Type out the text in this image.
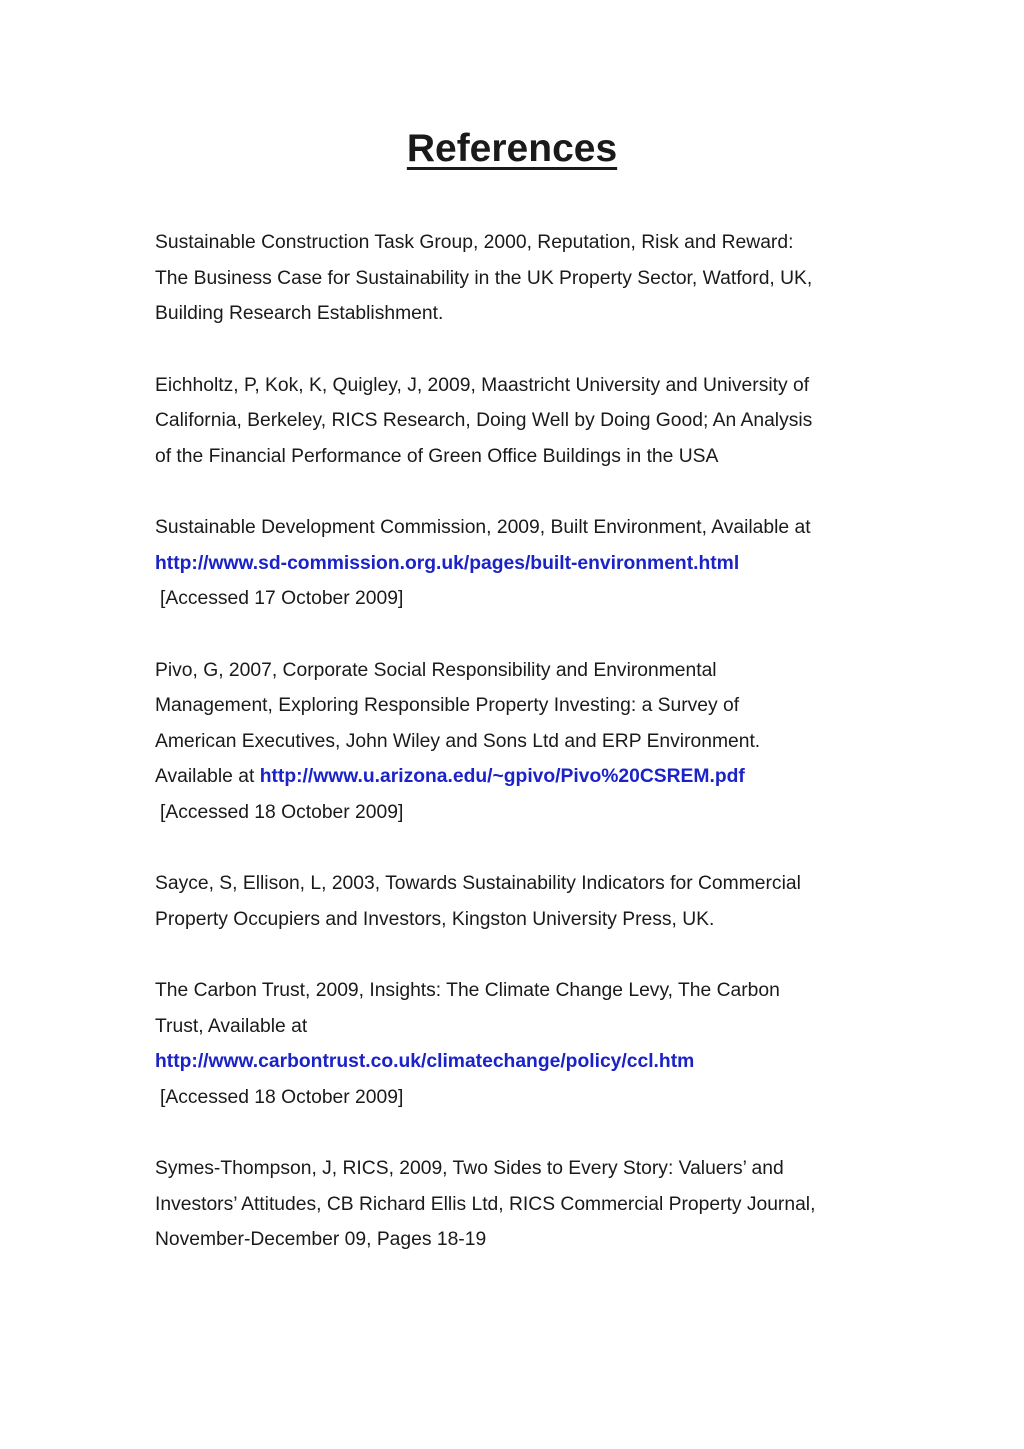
References
Sustainable Construction Task Group, 2000, Reputation, Risk and Reward:
The Business Case for Sustainability in the UK Property Sector, Watford, UK,
Building Research Establishment.
Eichholtz, P, Kok, K, Quigley, J, 2009, Maastricht University and University of
California, Berkeley, RICS Research, Doing Well by Doing Good; An Analysis
of the Financial Performance of Green Office Buildings in the USA
Sustainable Development Commission, 2009, Built Environment, Available at
http://www.sd-commission.org.uk/pages/built-environment.html
[Accessed 17 October 2009]
Pivo, G, 2007, Corporate Social Responsibility and Environmental
Management, Exploring Responsible Property Investing: a Survey of
American Executives, John Wiley and Sons Ltd and ERP Environment.
Available at http://www.u.arizona.edu/~gpivo/Pivo%20CSREM.pdf
[Accessed 18 October 2009]
Sayce, S, Ellison, L, 2003, Towards Sustainability Indicators for Commercial
Property Occupiers and Investors, Kingston University Press, UK.
The Carbon Trust, 2009, Insights: The Climate Change Levy, The Carbon
Trust, Available at
http://www.carbontrust.co.uk/climatechange/policy/ccl.htm
[Accessed 18 October 2009]
Symes-Thompson, J, RICS, 2009, Two Sides to Every Story: Valuers’ and
Investors’ Attitudes, CB Richard Ellis Ltd, RICS Commercial Property Journal,
November-December 09, Pages 18-19
